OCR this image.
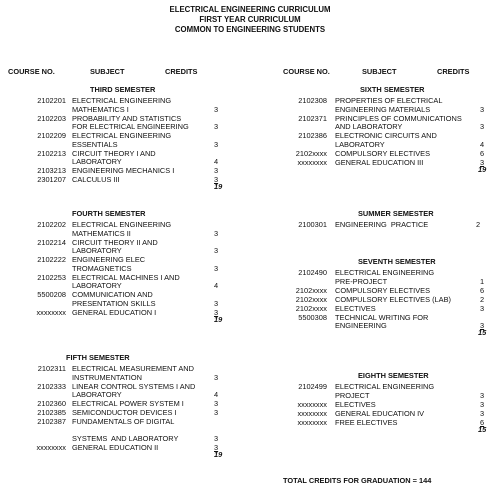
ELECTRICAL ENGINEERING CURRICULUM
FIRST YEAR CURRICULUM
COMMON TO ENGINEERING STUDENTS
COURSE NO.	SUBJECT	CREDITS	COURSE NO.	SUBJECT	CREDITS
THIRD SEMESTER
2102201 ELECTRICAL ENGINEERING
MATHEMATICS I	3
2102203 PROBABILITY AND STATISTICS
FOR ELECTRICAL ENGINEERING	3
2102209 ELECTRICAL ENGINEERING
ESSENTIALS	3
2102213 CIRCUIT THEORY I AND
LABORATORY	4
2103213 ENGINEERING MECHANICS I	3
2301207 CALCULUS III	3
19
FOURTH SEMESTER
2102202 ELECTRICAL ENGINEERING
MATHEMATICS II	3
2102214 CIRCUIT THEORY II AND
LABORATORY	3
2102222 ENGINEERING ELEC
TROMAGNETICS	3
2102253 ELECTRICAL MACHINES I AND
LABORATORY	4
5500208 COMMUNICATION AND
PRESENTATION SKILLS	3
xxxxxxxx GENERAL EDUCATION I	3
19
FIFTH SEMESTER
2102311 ELECTRICAL MEASUREMENT AND
INSTRUMENTATION	3
2102333 LINEAR CONTROL SYSTEMS I AND
LABORATORY	4
2102360 ELECTRICAL POWER SYSTEM I	3
2102385 SEMICONDUCTOR DEVICES I	3
2102387 FUNDAMENTALS OF DIGITAL
SYSTEMS  AND LABORATORY	3
xxxxxxxx GENERAL EDUCATION II	3
19
SIXTH SEMESTER
2102308 PROPERTIES OF ELECTRICAL
ENGINEERING MATERIALS	3
2102371 PRINCIPLES OF COMMUNICATIONS
AND LABORATORY	3
2102386 ELECTRONIC CIRCUITS AND
LABORATORY	4
2102xxxx COMPULSORY ELECTIVES	6
xxxxxxxx GENERAL EDUCATION III	3
19
SUMMER SEMESTER
2100301 ENGINEERING  PRACTICE	2
SEVENTH SEMESTER
2102490 ELECTRICAL ENGINEERING
PRE-PROJECT	1
2102xxxx COMPULSORY ELECTIVES	6
2102xxxx COMPULSORY ELECTIVES (LAB)	2
2102xxxx ELECTIVES	3
5500308 TECHNICAL WRITING FOR
ENGINEERING	3
15
EIGHTH SEMESTER
2102499 ELECTRICAL ENGINEERING
PROJECT	3
xxxxxxxx ELECTIVES	3
xxxxxxxx GENERAL EDUCATION IV	3
xxxxxxxx FREE ELECTIVES	6
15
TOTAL CREDITS FOR GRADUATION = 144
